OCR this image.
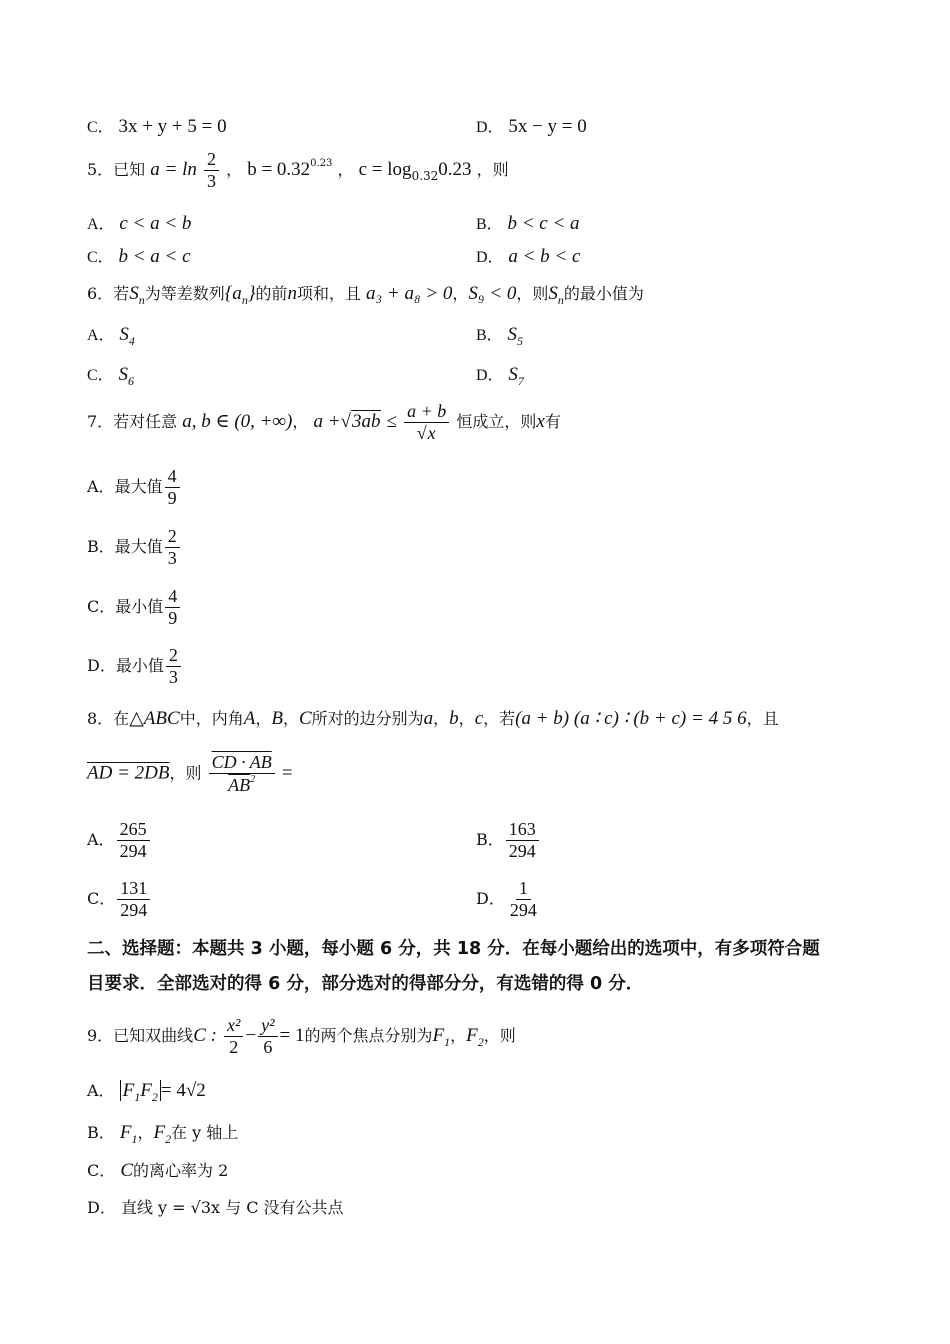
C． 3x + y + 5 = 0	D． 5x − y = 0
5．已知 $a = \ln \frac{2}{3}$ ， $b = 0.32^{0.23}$ ， $c = \log_{0.32}0.23$ ，则
A． c < a < b	B． b < c < a
C． b < a < c	D． a < b < c
6．若$S_n$为等差数列$\{a_n\}$的前n项和，且 a₃ + a₈ > 0，S₉ < 0，则$S_n$的最小值为
A． $S_4$	B． $S_5$
C． $S_6$	D． $S_7$
7．若对任意 a, b ∈ (0, +∞)， $a +√3ab \le \frac{a + b}{√x}$ 恒成立，则x有
A．最大值 $\frac{4}{9}$
B．最大值 $\frac{2}{3}$
C．最小值 $\frac{4}{9}$
D．最小值 $\frac{2}{3}$
8．在△ABC中，内角A，B，C所对的边分别为a，b，c，若(a + b) (a ∶ c) ∶ (b + c) = 4 5 6，且
AD = 2DB，则 $\frac{CD \cdot AB}{\overline{AB}^2}$ =
A． $\frac{265}{294}$	B． $\frac{163}{294}$
C． $\frac{131}{294}$	D． $\frac{1}{294}$
二、选择题：本题共 3 小题，每小题 6 分，共 18 分．在每小题给出的选项中，有多项符合题
目要求．全部选对的得 6 分，部分选对的得部分分，有选错的得 0 分．
9．已知双曲线C : $\frac{\text{x²}}{2} - \frac{\text{y²}}{6} = 1$的两个焦点分别为$F_1$，$F_2$，则
A． $F_1F_2 = 4√2$
B． $F_1$，$F_2$在 y 轴上
C． C的离心率为 2
D． 直线 y = √3x 与 C 没有公共点
